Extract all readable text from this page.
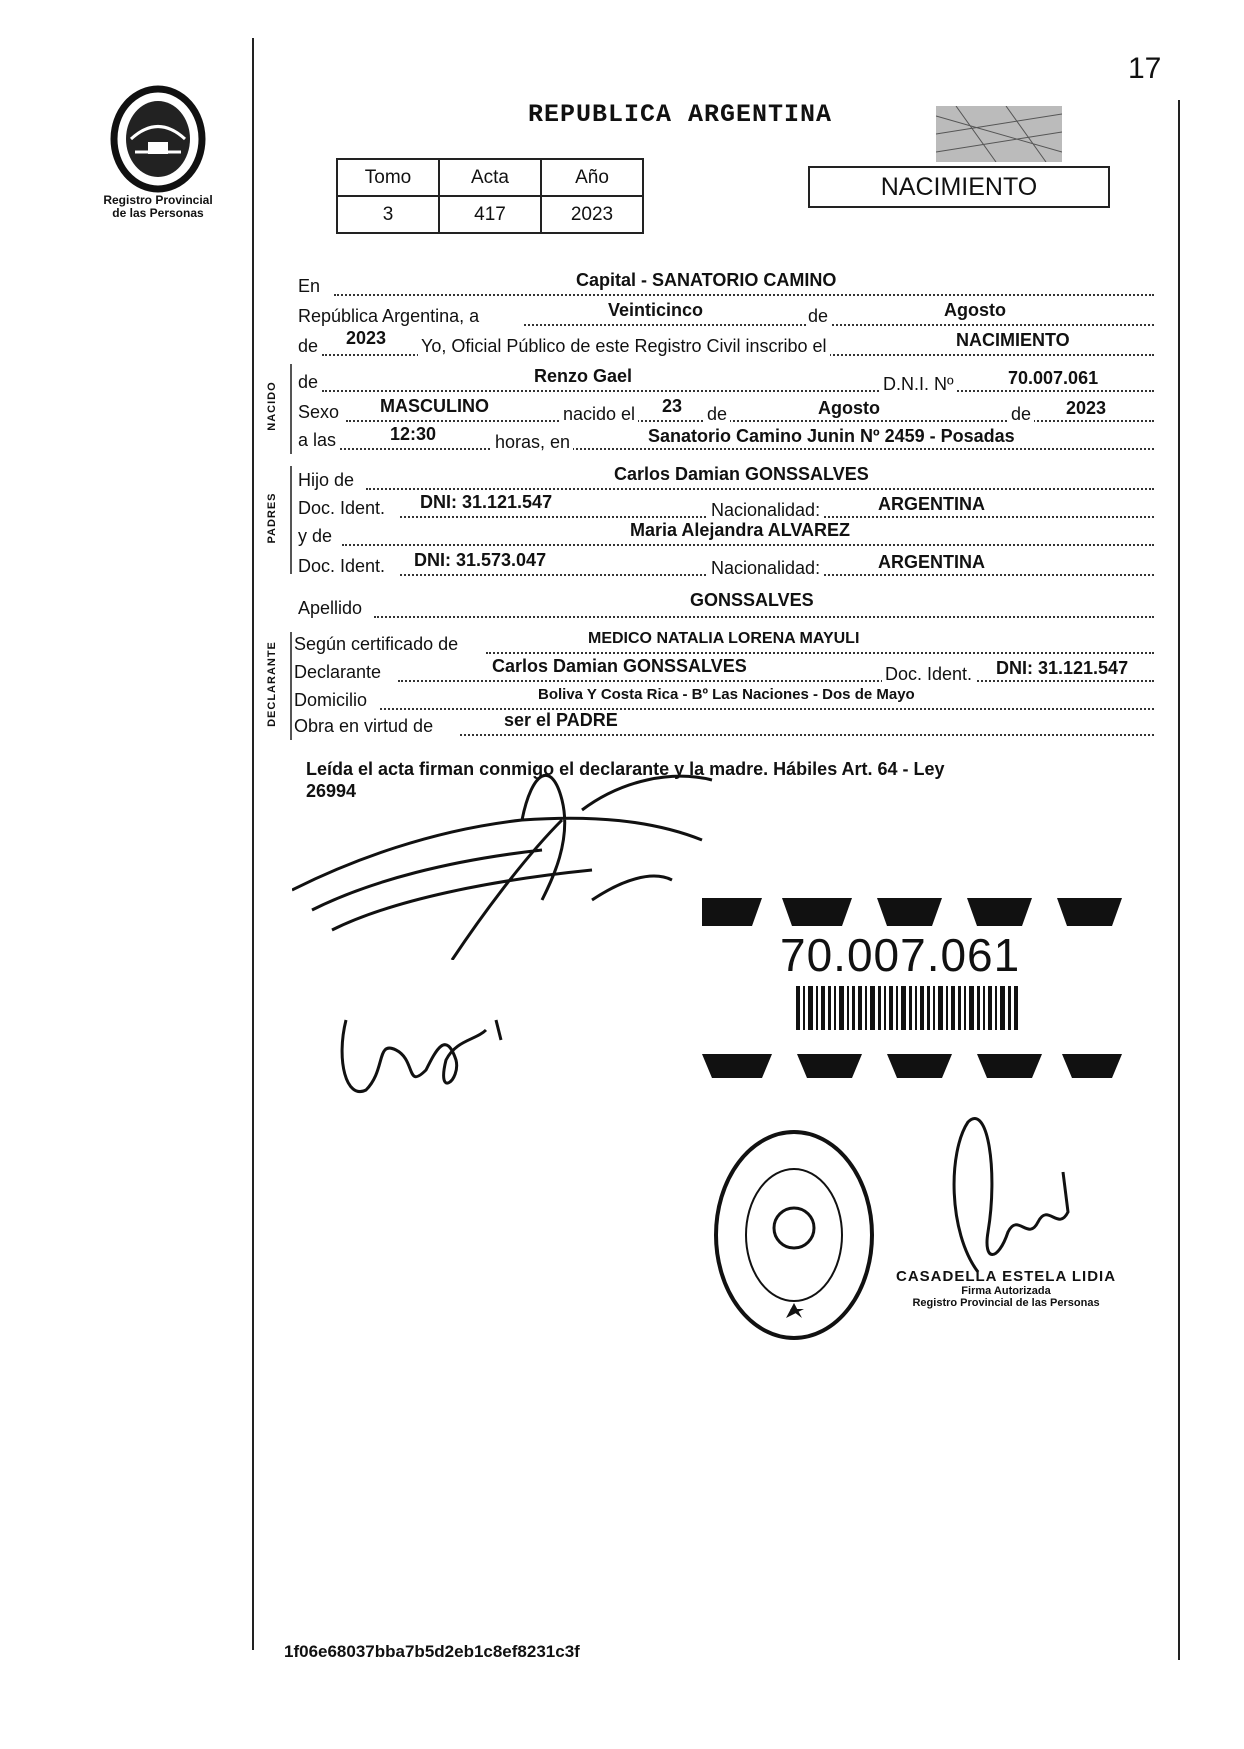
17
Registro Provincial
de las Personas
REPUBLICA ARGENTINA
Tomo	Acta	Año
3	417	2023
NACIMIENTO
En	Capital - SANATORIO CAMINO
República Argentina, a	Veinticinco	de	Agosto
de 2023 Yo, Oficial Público de este Registro Civil inscribo el	NACIMIENTO
NACIDO de	Renzo Gael	D.N.I. Nº	70.007.061
Sexo MASCULINO	nacido el 23 de	Agosto	de 2023
a las	12:30	horas, en	Sanatorio Camino Junin Nº 2459 - Posadas
PADRES
Hijo de	Carlos Damian GONSSALVES
Doc. Ident. DNI: 31.121.547	Nacionalidad:	ARGENTINA
y de	Maria Alejandra ALVAREZ
Doc. Ident. DNI: 31.573.047	Nacionalidad:	ARGENTINA
Apellido	GONSSALVES
DECLARANTE Según certificado de	MEDICO NATALIA LORENA MAYULI
Declarante	Carlos Damian GONSSALVES	Doc. Ident. DNI: 31.121.547
Domicilio	Boliva Y Costa Rica - Bº Las Naciones - Dos de Mayo
Obra en virtud de	ser el PADRE
Leída el acta firman conmigo el declarante y la madre. Hábiles Art. 64 - Ley
26994
70.007.061
CASADELLA ESTELA LIDIA
Firma Autorizada
Registro Provincial de las Personas
1f06e68037bba7b5d2eb1c8ef8231c3f
